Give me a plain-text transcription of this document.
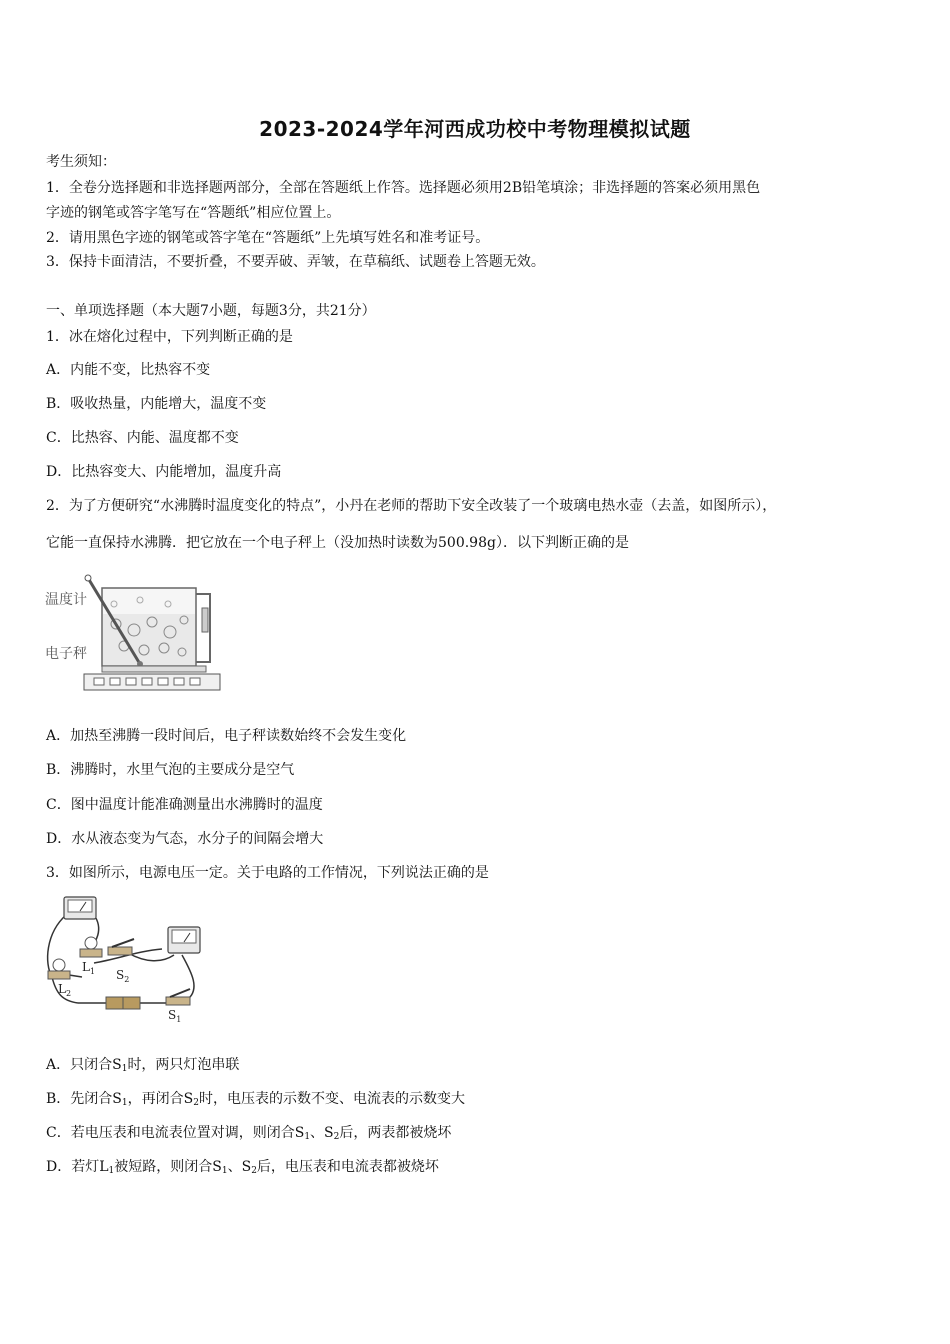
2023-2024学年河西成功校中考物理模拟试题
考生须知：
1．全卷分选择题和非选择题两部分，全部在答题纸上作答。选择题必须用2B铅笔填涂；非选择题的答案必须用黑色
字迹的钢笔或答字笔写在“答题纸”相应位置上。
2．请用黑色字迹的钢笔或答字笔在“答题纸”上先填写姓名和准考证号。
3．保持卡面清洁，不要折叠，不要弄破、弄皱，在草稿纸、试题卷上答题无效。
一、单项选择题（本大题7小题，每题3分，共21分）
1．冰在熔化过程中，下列判断正确的是
A．内能不变，比热容不变
B．吸收热量，内能增大，温度不变
C．比热容、内能、温度都不变
D．比热容变大、内能增加，温度升高
2．为了方便研究“水沸腾时温度变化的特点”，小丹在老师的帮助下安全改装了一个玻璃电热水壶（去盖，如图所示），
它能一直保持水沸腾．把它放在一个电子秤上（没加热时读数为500.98g）．以下判断正确的是
温度计
电子秤
A．加热至沸腾一段时间后，电子秤读数始终不会发生变化
B．沸腾时，水里气泡的主要成分是空气
C．图中温度计能准确测量出水沸腾时的温度
D．水从液态变为气态，水分子的间隔会增大
3．如图所示，电源电压一定。关于电路的工作情况，下列说法正确的是
$L_1$ $S_2$
$L_2$
$S_1$
A．只闭合$S_1$时，两只灯泡串联
B．先闭合$S_1$，再闭合$S_2$时，电压表的示数不变、电流表的示数变大
C．若电压表和电流表位置对调，则闭合$S_1$、$S_2$后，两表都被烧坏
D．若灯$L_1$被短路，则闭合$S_1$、$S_2$后，电压表和电流表都被烧坏
